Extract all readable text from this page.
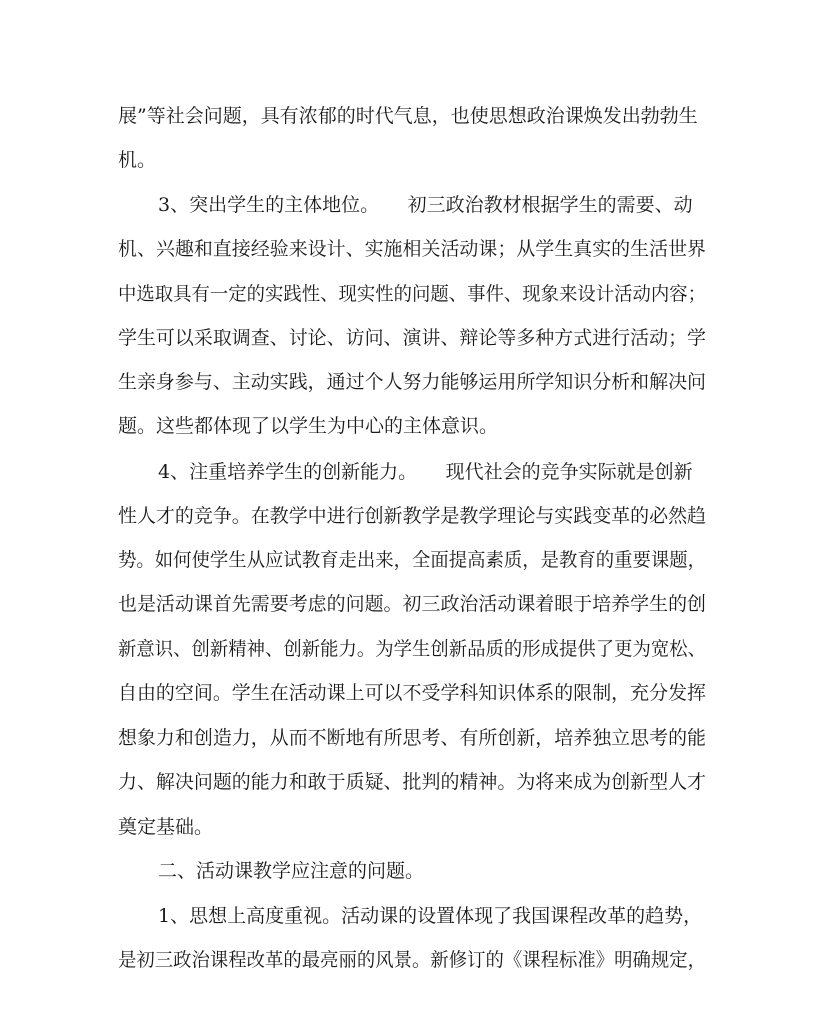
展”等社会问题，具有浓郁的时代气息，也使思想政治课焕发出勃勃生
机。
3、突出学生的主体地位。　　初三政治教材根据学生的需要、动
机、兴趣和直接经验来设计、实施相关活动课；从学生真实的生活世界
中选取具有一定的实践性、现实性的问题、事件、现象来设计活动内容；
学生可以采取调查、讨论、访问、演讲、辩论等多种方式进行活动；学
生亲身参与、主动实践，通过个人努力能够运用所学知识分析和解决问
题。这些都体现了以学生为中心的主体意识。
4、注重培养学生的创新能力。　　现代社会的竞争实际就是创新
性人才的竞争。在教学中进行创新教学是教学理论与实践变革的必然趋
势。如何使学生从应试教育走出来，全面提高素质，是教育的重要课题，
也是活动课首先需要考虑的问题。初三政治活动课着眼于培养学生的创
新意识、创新精神、创新能力。为学生创新品质的形成提供了更为宽松、
自由的空间。学生在活动课上可以不受学科知识体系的限制，充分发挥
想象力和创造力，从而不断地有所思考、有所创新，培养独立思考的能
力、解决问题的能力和敢于质疑、批判的精神。为将来成为创新型人才
奠定基础。
二、活动课教学应注意的问题。
1、思想上高度重视。活动课的设置体现了我国课程改革的趋势，
是初三政治课程改革的最亮丽的风景。新修订的《课程标准》明确规定，
